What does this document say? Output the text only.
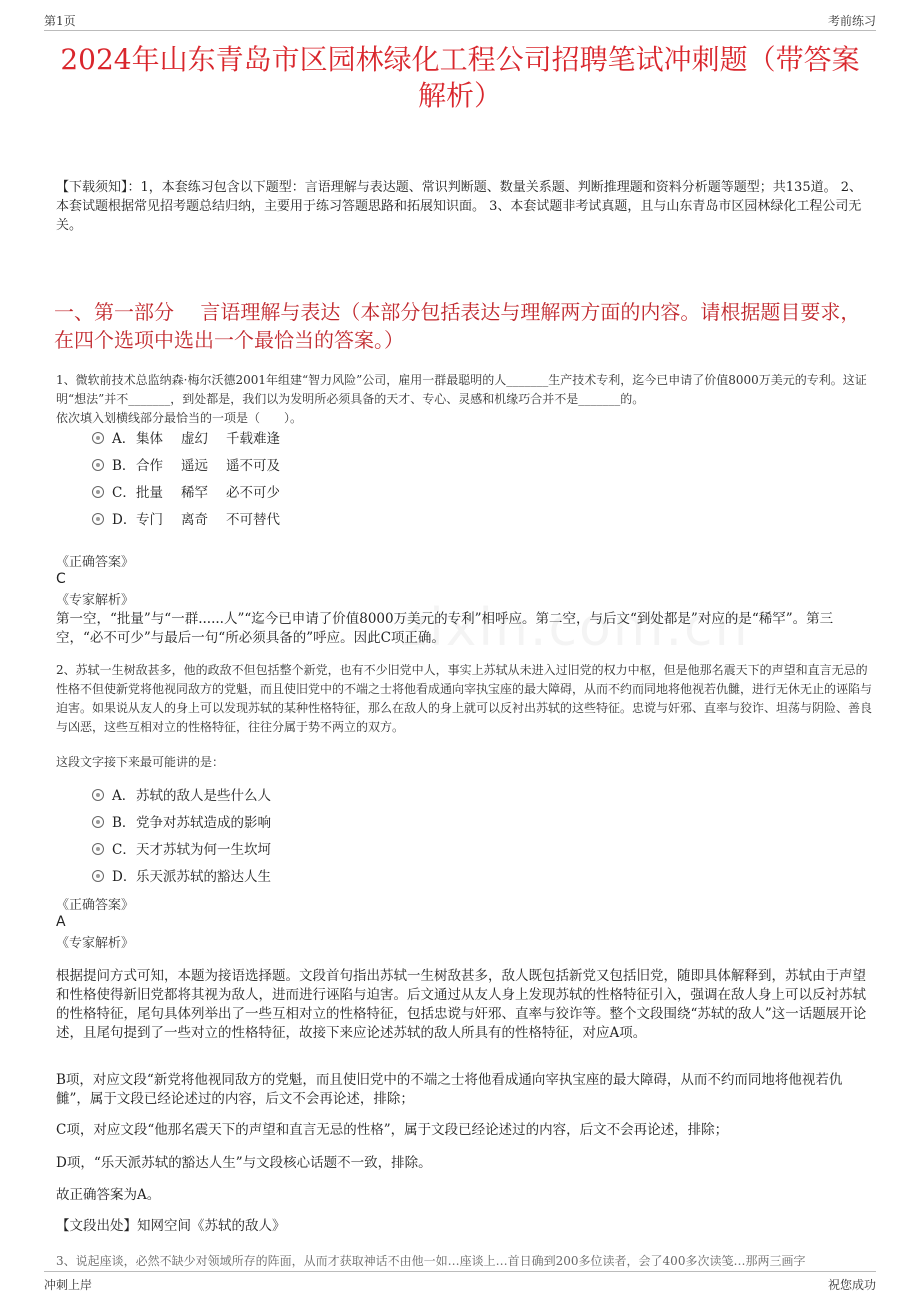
第1页	考前练习
2024年山东青岛市区园林绿化工程公司招聘笔试冲刺题（带答案解析）
【下载须知】：1，本套练习包含以下题型：言语理解与表达题、常识判断题、数量关系题、判断推理题和资料分析题等题型；共135道。 2、本套试题根据常见招考题总结归纳，主要用于练习答题思路和拓展知识面。 3、本套试题非考试真题，且与山东青岛市区园林绿化工程公司无关。
一、第一部分　 言语理解与表达（本部分包括表达与理解两方面的内容。请根据题目要求，在四个选项中选出一个最恰当的答案。）
1、微软前技术总监纳森·梅尔沃德2001年组建“智力风险”公司，雇用一群最聪明的人_______生产技术专利，迄今已申请了价值8000万美元的专利。这证明“想法”并不_______，到处都是，我们以为发明所必须具备的天才、专心、灵感和机缘巧合并不是_______的。
依次填入划横线部分最恰当的一项是（　　）。
A．集体 虚幻 千载难逢
B．合作 遥远 遥不可及
C．批量 稀罕 必不可少
D．专门 离奇 不可替代
《正确答案》
C
《专家解析》
第一空，“批量”与“一群......人”“迄今已申请了价值8000万美元的专利”相呼应。第二空，与后文“到处都是”对应的是“稀罕”。第三空，“必不可少”与最后一句“所必须具备的”呼应。因此C项正确。
2、苏轼一生树敌甚多，他的政敌不但包括整个新党，也有不少旧党中人，事实上苏轼从未进入过旧党的权力中枢，但是他那名震天下的声望和直言无忌的性格不但使新党将他视同敌方的党魁，而且使旧党中的不端之士将他看成通向宰执宝座的最大障碍，从而不约而同地将他视若仇雠，进行无休无止的诬陷与迫害。如果说从友人的身上可以发现苏轼的某种性格特征，那么在敌人的身上就可以反衬出苏轼的这些特征。忠谠与奸邪、直率与狡诈、坦荡与阴险、善良与凶恶，这些互相对立的性格特征，往往分属于势不两立的双方。
这段文字接下来最可能讲的是：
A．苏轼的敌人是些什么人
B．党争对苏轼造成的影响
C．天才苏轼为何一生坎坷
D．乐天派苏轼的豁达人生
《正确答案》
A
《专家解析》
根据提问方式可知，本题为接语选择题。文段首句指出苏轼一生树敌甚多，敌人既包括新党又包括旧党，随即具体解释到，苏轼由于声望和性格使得新旧党都将其视为敌人，进而进行诬陷与迫害。后文通过从友人身上发现苏轼的性格特征引入，强调在敌人身上可以反衬苏轼的性格特征，尾句具体列举出了一些互相对立的性格特征，包括忠谠与奸邪、直率与狡诈等。整个文段围绕“苏轼的敌人”这一话题展开论述，且尾句提到了一些对立的性格特征，故接下来应论述苏轼的敌人所具有的性格特征，对应A项。
B项，对应文段“新党将他视同敌方的党魁，而且使旧党中的不端之士将他看成通向宰执宝座的最大障碍，从而不约而同地将他视若仇雠”，属于文段已经论述过的内容，后文不会再论述，排除；
C项，对应文段“他那名震天下的声望和直言无忌的性格”，属于文段已经论述过的内容，后文不会再论述，排除；
D项，“乐天派苏轼的豁达人生”与文段核心话题不一致，排除。
故正确答案为A。
【文段出处】知网空间《苏轼的敌人》
3、说起座谈，必然不缺少对领域所存的阵面，从而才获取神话不由他一如…座谈上…首日确到200多位读者，会了400多次读笺…那两三画字
冲刺上岸	祝您成功
